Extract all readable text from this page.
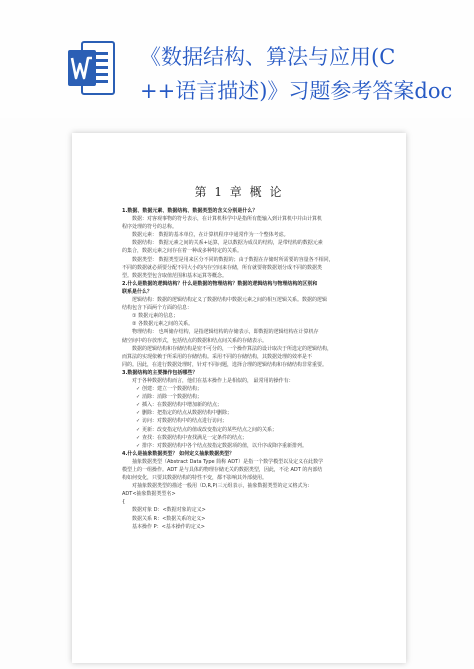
《数据结构、算法与应用(C
++语言描述)》习题参考答案doc
第 1 章 概 论
1.数据、数据元素、数据结构、数据类型的含义分别是什么？
数据：对客观事物的符号表示，在计算机科学中是指所有能输入到计算机中并由计算机
程序处理的符号的总称。
数据元素： 数据的基本单位，在计算机程序中通常作为一个整体考虑。
数据结构： 数据元素之间的关系+运算，是以数据为成员的结构，是带结构的数据元素
的集合，数据元素之间存在着一种或多种特定的关系。
数据类型： 数据类型是用来区分不同的数据的；由于数据在存储时所需要的容量各不相同，
不同的数据就必须要分配不同大小的内存空间来存储，所有就要将数据划分成不同的数据类
型。数据类型包含取值范围和基本运算等概念。
2.什么是数据的逻辑结构？什么是数据的物理结构？数据的逻辑结构与物理结构的区别和
联系是什么？
逻辑结构：数据的逻辑结构定义了数据结构中数据元素之间的相互逻辑关系。数据的逻辑
结构包含下面两个方面的信息：
① 数据元素的信息；
② 各数据元素之间的关系。
物理结构： 也叫储存结构，是指逻辑结构的存储表示，即数据的逻辑结构在计算机存
储空间中的存放形式，包括结点的数据和结点间关系的存储表示。
数据的逻辑结构和存储结构是密不可分的，一个操作算法的设计取决于所选定的逻辑结构，
而算法的实现依赖于所采用的存储结构。采用不同的存储结构，其数据处理的效率是不
同的。因此，在进行数据处理时，针对不同问题，选择合理的逻辑结构和存储结构非常重要。
3.数据结构的主要操作包括哪些？
对于各种数据结构而言，他们在基本操作上是相似的， 最常用的操作有：
✓ 创建：建立一个数据结构；
✓ 消除：消除一个数据结构；
✓ 插入：在数据结构中增加新的结点；
✓ 删除：把指定的结点从数据结构中删除；
✓ 访问：对数据结构中的结点进行访问；
✓ 更新：改变指定结点的值或改变指定的某些结点之间的关系；
✓ 查找：在数据结构中查找满足一定条件的结点；
✓ 排序：对数据结构中各个结点按指定数据项的值，以升序或降序重新排列。
4.什么是抽象数据类型？ 如何定义抽象数据类型？
抽象数据类型（Abstract Data Type 简称 ADT）是指一个数学模型以及定义在此数学
模型上的一组操作。ADT 是与具体的物理存储无关的数据类型，因此，不论 ADT 的内部结
构如何变化，只要其数据结构的特性不变，都不影响其外部使用。
对抽象数据类型的描述一般用（D,R,P)三元组表示，抽象数据类型的定义格式为:
ADT<抽象数据类型名>
{
数据对象 D：<数据对象的定义>
数据关系 R：<数据关系的定义>
基本操作 P：<基本操作的定义>
